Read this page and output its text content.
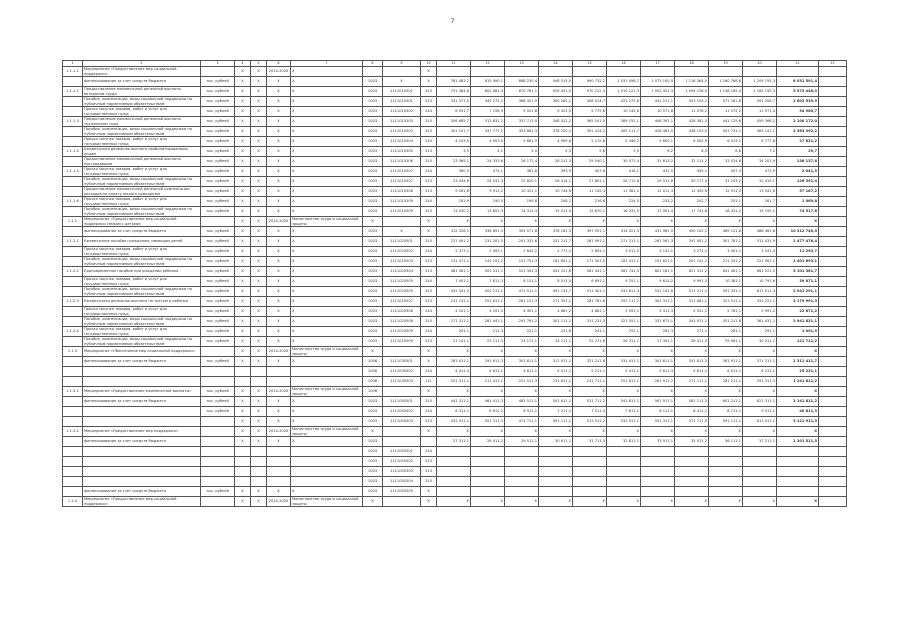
7
1	2	3	4	5	6	7	8	9	10	11	12	13	14	15	16	17	18	19	20	21	22
1.1.1.1	Мероприятие «Предоставление мер социальной поддержки»		X	X	2014-2020	X			X												
	финансирование за счет средств бюджета	тыс. рублей	X	X	X	X	1003	X	X	761 483,2	815 490,1	888 230,4	948 515,0	990 732,2	1 031 098,7	1 073 100,0	1 116 364,0	1 160 768,6	1 209 155,3	6 031 591,4	
1.1.1.2	Предоставление ежемесячной денежной выплаты ветеранам труда	тыс. рублей	X	X	X	X	1003	1111010501	313	751 384,8	802 081,3	870 761,1	929 451,0	970 122,3	1 010 121,3	1 052 451,3	1 094 128,5	1 138 165,4	1 185 155,3	5 973 448,0	
	Пособие, компенсации, меры социальной поддержки по публичным нормативным обязательствам	тыс. рублей	X	X	X	X	1003	1111010501	313	331 371,5	345 272,2	368 321,0	390 282,1	408 014,7	425 275,6	441 211,1	453 193,2	471 181,8	491 208,7	2 602 539,9	
	Прочая закупка товаров, работ и услуг для государственных нужд	тыс. рублей	X	X	X	X	1003	1111010502	244	6 591,7	7 158,9	9 021,8	9 321,0	9 775,6	10 145,8	10 571,8	11 076,2	11 572,2	11 971,4	54 960,7	
1.1.1.3	Предоставление ежемесячной денежной выплаты труженикам тыла	тыс. рублей	X	X	X	X	1003	1111010503	313	306 685,7	312 831,2	337 713,0	348 412,2	365 541,5	389 152,1	406 392,1	428 381,3	441 125,6	459 366,2	2 100 172,0	
	Пособие, компенсации, меры социальной поддержки по публичным нормативным обязательствам	тыс. рублей	X	X	X	X	1003	1111010503	313	301 101,7	337 777,2	353 881,3	378 200,1	391 414,2	405 111,7	426 461,5	438 153,0	451 731,1	463 141,1	2 363 092,2	
	Прочая закупка товаров, работ и услуг для государственных нужд	тыс. рублей	X	X	X	X	1003	1111010504	244	4 103,5	4 903,0	5 681,5	4 990,8	5 115,8	5 346,2	5 600,1	6 005,9	6 413,1	6 777,8	27 831,2	
1.1.1.4	Ежемесячная денежная выплата реабилитированным лицам	тыс. рублей	X	X	X	X	1003	1111010505	313	3,5	4,1	5,0	5,3	5,6	5,9	6,2	6,5	6,8	7,2	29,7	
	Предоставление ежемесячной денежной выплаты пострадавшим	тыс. рублей	X	X	X	X	1003	1111010506	313	23 365,1	24 333,6	26 172,4	28 211,3	29 540,1	30 571,4	31 613,2	32 111,2	33 524,6	34 201,9	138 137,6	
1.1.1.5	Прочая закупка товаров, работ и услуг для государственных нужд	тыс. рублей	X	X	X	X	1003	1111010507	244	360,5	371,1	381,8	393,5	407,6	418,1	431,5	445,1	457,3	471,9	2 041,5	
	Пособие, компенсации, меры социальной поддержки по публичным нормативным обязательствам	тыс. рублей	X	X	X	X	1003	1111010507	313	23 444,6	24 531,3	25 820,1	26 414,1	27 801,1	28 712,8	29 511,6	30 177,4	31 243,2	32 415,1	126 391,4	
	Предоставление ежемесячной денежной компенсации расходов на оплату жилого помещения	тыс. рублей	X	X	X	X	1003	1111010508	313	9 261,6	9 913,2	10 321,1	10 744,6	11 145,3	11 581,2	12 011,3	12 455,6	12 911,3	13 341,6	57 187,2	
1.1.1.6	Прочая закупка товаров, работ и услуг для государственных нужд	тыс. рублей	X	X	X	X	1003	1111010509	244	181,9	190,5	199,8	208,1	216,6	224,5	233,2	242,7	251,1	261,7	1 069,8	
	Пособие, компенсации, меры социальной поддержки по публичным нормативным обязательствам	тыс. рублей	X	X	X	X	1003	1111010509	313	13 030,2	13 651,3	14 311,3	15 011,0	15 670,1	16 331,5	17 001,4	17 741,8	18 431,2	19 155,1	74 517,8	
1.1.2	Мероприятие «Предоставление мер социальной поддержки семьям с детьми»		X	X	2014-2020	Министерство труда и социальной защиты	X		X	X	X	X	X	X	X	X	X	X	X	X	
	финансирование за счет средств бюджета	тыс. рублей	X	X	X	X	1003	X	X	312 326,1	336 891,5	355 571,8	378 161,3	397 591,1	414 021,3	431 981,5	450 102,1	469 121,8	488 461,6	10 312 740,5	
1.1.2.1	Ежемесячное пособие гражданам, имеющим детей	тыс. рублей	X	X	X	X	1003	1111020501	313	221 491,2	231 201,5	241 331,6	251 211,7	261 991,1	271 211,1	281 561,3	291 401,2	301 781,1	311 431,9	1 477 476,4	
	Прочая закупка товаров, работ и услуг для государственных нужд	тыс. рублей	X	X	X	X	1003	1111020502	244	2 377,1	2 493,1	2 641,2	2 771,1	2 891,1	3 011,5	3 131,1	3 271,1	3 401,1	3 541,3	11 293,7	
	Пособие, компенсации, меры социальной поддержки по публичным нормативным обязательствам	тыс. рублей	X	X	X	X	1003	1111020503	313	131 471,1	141 191,2	151 751,3	161 841,1	171 301,5	181 411,1	191 621,1	201 141,2	211 351,2	221 561,1	1 401 893,1	
1.1.2.2	Единовременное пособие при рождении ребенка	тыс. рублей	X	X	X	X	1003	1111020504	313	481 361,1	501 231,1	521 341,3	541 151,6	561 441,1	581 741,3	601 181,1	621 311,2	641 461,1	661 221,2	5 101 361,7	
	Прочая закупка товаров, работ и услуг для государственных нужд	тыс. рублей	X	X	X	X	1003	1111020505	244	7 401,1	7 811,3	8 121,1	8 511,5	8 891,1	9 251,1	9 611,2	9 991,3	10 381,1	10 791,6	39 871,1	
	Пособие, компенсации, меры социальной поддержки по публичным нормативным обязательствам	тыс. рублей	X	X	X	X	1003	1111020505	313	431 341,2	451 211,1	471 511,1	491 131,7	511 401,1	531 611,3	551 141,6	571 211,1	591 331,1	611 511,3	2 941 291,1	
1.1.2.3	Ежемесячная денежная выплата на третьего ребенка	тыс. рублей	X	X	X	X	1003	1111020507	313	241 131,1	251 611,1	261 121,3	271 351,1	281 761,6	291 111,2	301 311,1	311 461,1	321 511,1	331 221,1	3 179 991,3	
	Прочая закупка товаров, работ и услуг для государственных нужд	тыс. рублей	X	X	X	X	1003	1111020508	244	4 101,1	4 291,3	4 491,1	4 681,2	4 881,1	5 091,1	5 311,3	5 531,1	5 761,1	5 991,2	22 671,2	
	Пособие, компенсации, меры социальной поддержки по публичным нормативным обязательствам	тыс. рублей	X	X	X	X	1003	1111020508	313	271 311,1	281 441,1	291 761,2	301 111,1	311 231,3	321 551,1	331 671,1	341 911,1	351 211,6	361 431,1	2 941 831,1	
1.1.2.4	Прочая закупка товаров, работ и услуг для государственных нужд	тыс. рублей	X	X	X	X	1003	1111020509	244	201,1	211,3	221,1	231,6	241,1	251,1	261,3	271,1	281,1	291,1	1 091,5	
	Пособие, компенсации, меры социальной поддержки по публичным нормативным обязательствам	тыс. рублей	X	X	X	X	1003	1111020509	313	21 141,1	22 111,3	23 171,1	24 211,1	25 271,6	26 311,1	27 351,1	28 411,3	29 461,1	30 511,1	121 711,2	
1.1.3	Мероприятие «Обеспечение мер социальной поддержки»		X	X	2014-2020	Министерство труда и социальной защиты	X		X	X	X	X	X	X	X	X	X	X	X	X	
	финансирование за счет средств бюджета	тыс. рублей	X	X	X	X	1006	1111030501	X	281 411,1	291 611,3	301 811,1	311 911,1	321 211,6	331 411,1	341 611,1	351 811,3	361 911,1	371 211,1	1 311 411,7	
							1006	1111030502	244	4 411,3	4 611,1	4 811,1	5 011,2	5 211,1	5 411,1	5 611,3	5 811,1	6 011,1	6 211,1	25 231,1	
							1006	1111030503	111	201 311,1	211 411,1	221 511,3	231 611,1	241 711,1	251 811,1	261 911,2	271 111,1	281 211,1	291 311,3	1 241 811,2	
1.1.3.1	Мероприятие «Предоставление ежемесячной выплаты»	тыс. рублей	X	X	2014-2020	Министерство труда и социальной защиты	1006		X	X	X	X	X	X	X	X	X	X	X	X	
	финансирование за счет средств бюджета	тыс. рублей	X	X	X	X	1003	1111040501	313	441 311,1	461 411,3	481 511,1	501 611,1	521 711,2	541 811,1	561 911,1	581 111,3	601 211,1	621 311,1	3 141 811,2	
		тыс. рублей	X	X	X	X	1003	1111040502	244	6 311,1	6 611,2	6 911,1	7 211,1	7 511,3	7 811,1	8 111,1	8 411,2	8 711,1	9 011,1	40 611,3	
			X	X	X	X	1003	1111040503	313	431 911,1	451 311,3	471 711,1	491 111,1	511 511,2	531 911,1	551 311,1	571 711,3	591 111,1	611 511,1	3 121 911,3	
1.1.3.2	Мероприятие «Предоставление мер поддержки»		X	X	2014-2020	Министерство труда и социальной защиты	X		X	X	X	X	X	X	X	X	X	X	X	X	
	финансирование за счет средств бюджета		X	X	X	X	1003			27 311,1	28 411,2	29 511,1	30 611,1	31 711,3	32 811,1	33 911,1	35 011,2	36 111,1	37 211,1	1 201 511,5	
							1003	1111050501	244												
							1003	1111050502	313												
							1003	1111050503	313												
							1003	1111050504	313												
	финансирование за счет средств бюджета	тыс. рублей	X	X	X	X	1003	1111050505	X												
1.1.4	Мероприятие «Предоставление мер социальной поддержки»		X	X	2014-2020	Министерство труда и социальной защиты	X		X	X	X	X	X	X	X	X	X	X	X	X	
